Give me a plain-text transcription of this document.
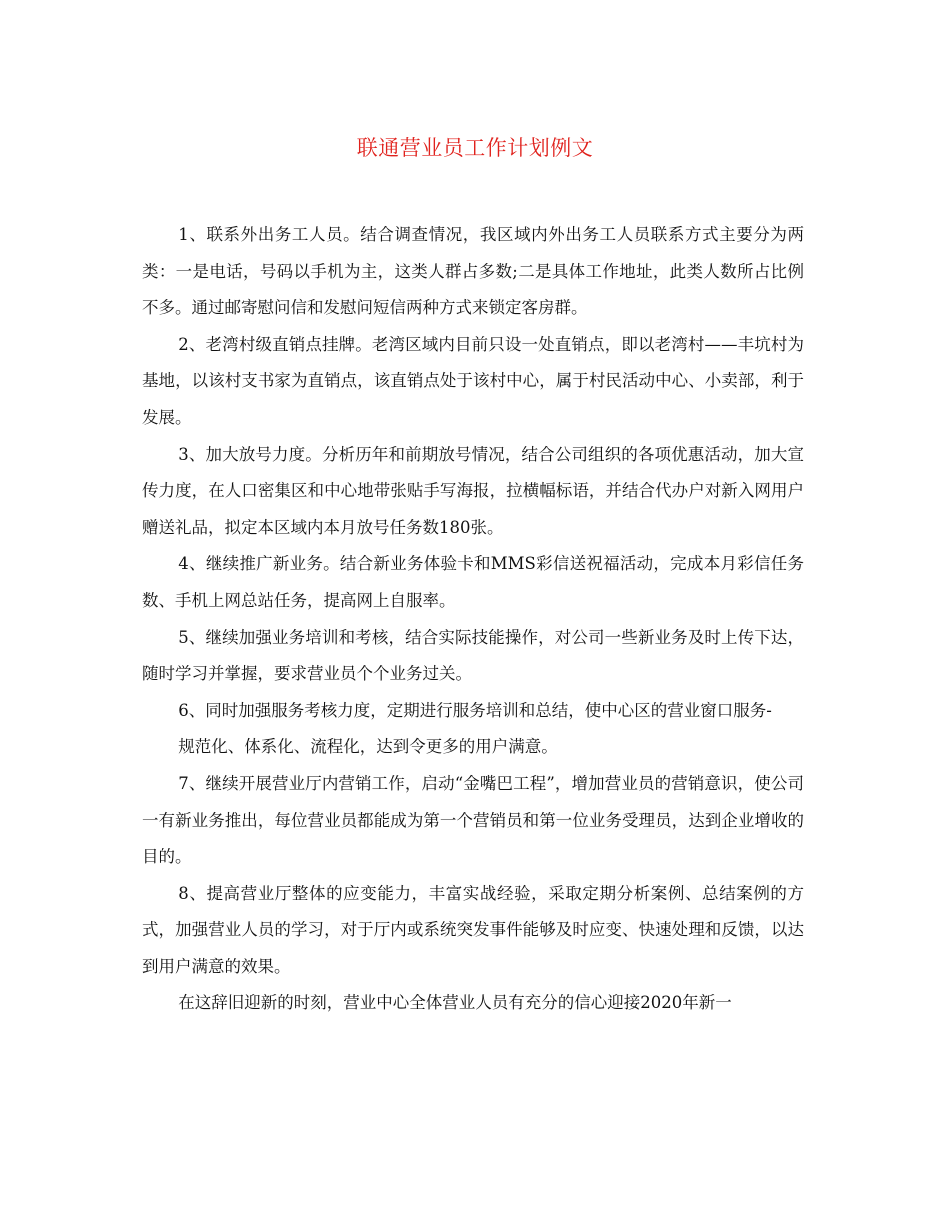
联通营业员工作计划例文

1、联系外出务工人员。结合调查情况，我区域内外出务工人员联系方式主要分为两类：一是电话，号码以手机为主，这类人群占多数;二是具体工作地址，此类人数所占比例不多。通过邮寄慰问信和发慰问短信两种方式来锁定客房群。

2、老湾村级直销点挂牌。老湾区域内目前只设一处直销点，即以老湾村——丰坑村为基地，以该村支书家为直销点，该直销点处于该村中心，属于村民活动中心、小卖部，利于发展。

3、加大放号力度。分析历年和前期放号情况，结合公司组织的各项优惠活动，加大宣传力度，在人口密集区和中心地带张贴手写海报，拉横幅标语，并结合代办户对新入网用户赠送礼品，拟定本区域内本月放号任务数180张。

4、继续推广新业务。结合新业务体验卡和MMS彩信送祝福活动，完成本月彩信任务数、手机上网总站任务，提高网上自服率。

5、继续加强业务培训和考核，结合实际技能操作，对公司一些新业务及时上传下达，随时学习并掌握，要求营业员个个业务过关。

6、同时加强服务考核力度，定期进行服务培训和总结，使中心区的营业窗口服务-

规范化、体系化、流程化，达到令更多的用户满意。

7、继续开展营业厅内营销工作，启动“金嘴巴工程”，增加营业员的营销意识，使公司一有新业务推出，每位营业员都能成为第一个营销员和第一位业务受理员，达到企业增收的目的。

8、提高营业厅整体的应变能力，丰富实战经验，采取定期分析案例、总结案例的方式，加强营业人员的学习，对于厅内或系统突发事件能够及时应变、快速处理和反馈，以达到用户满意的效果。

在这辞旧迎新的时刻，营业中心全体营业人员有充分的信心迎接2020年新一
